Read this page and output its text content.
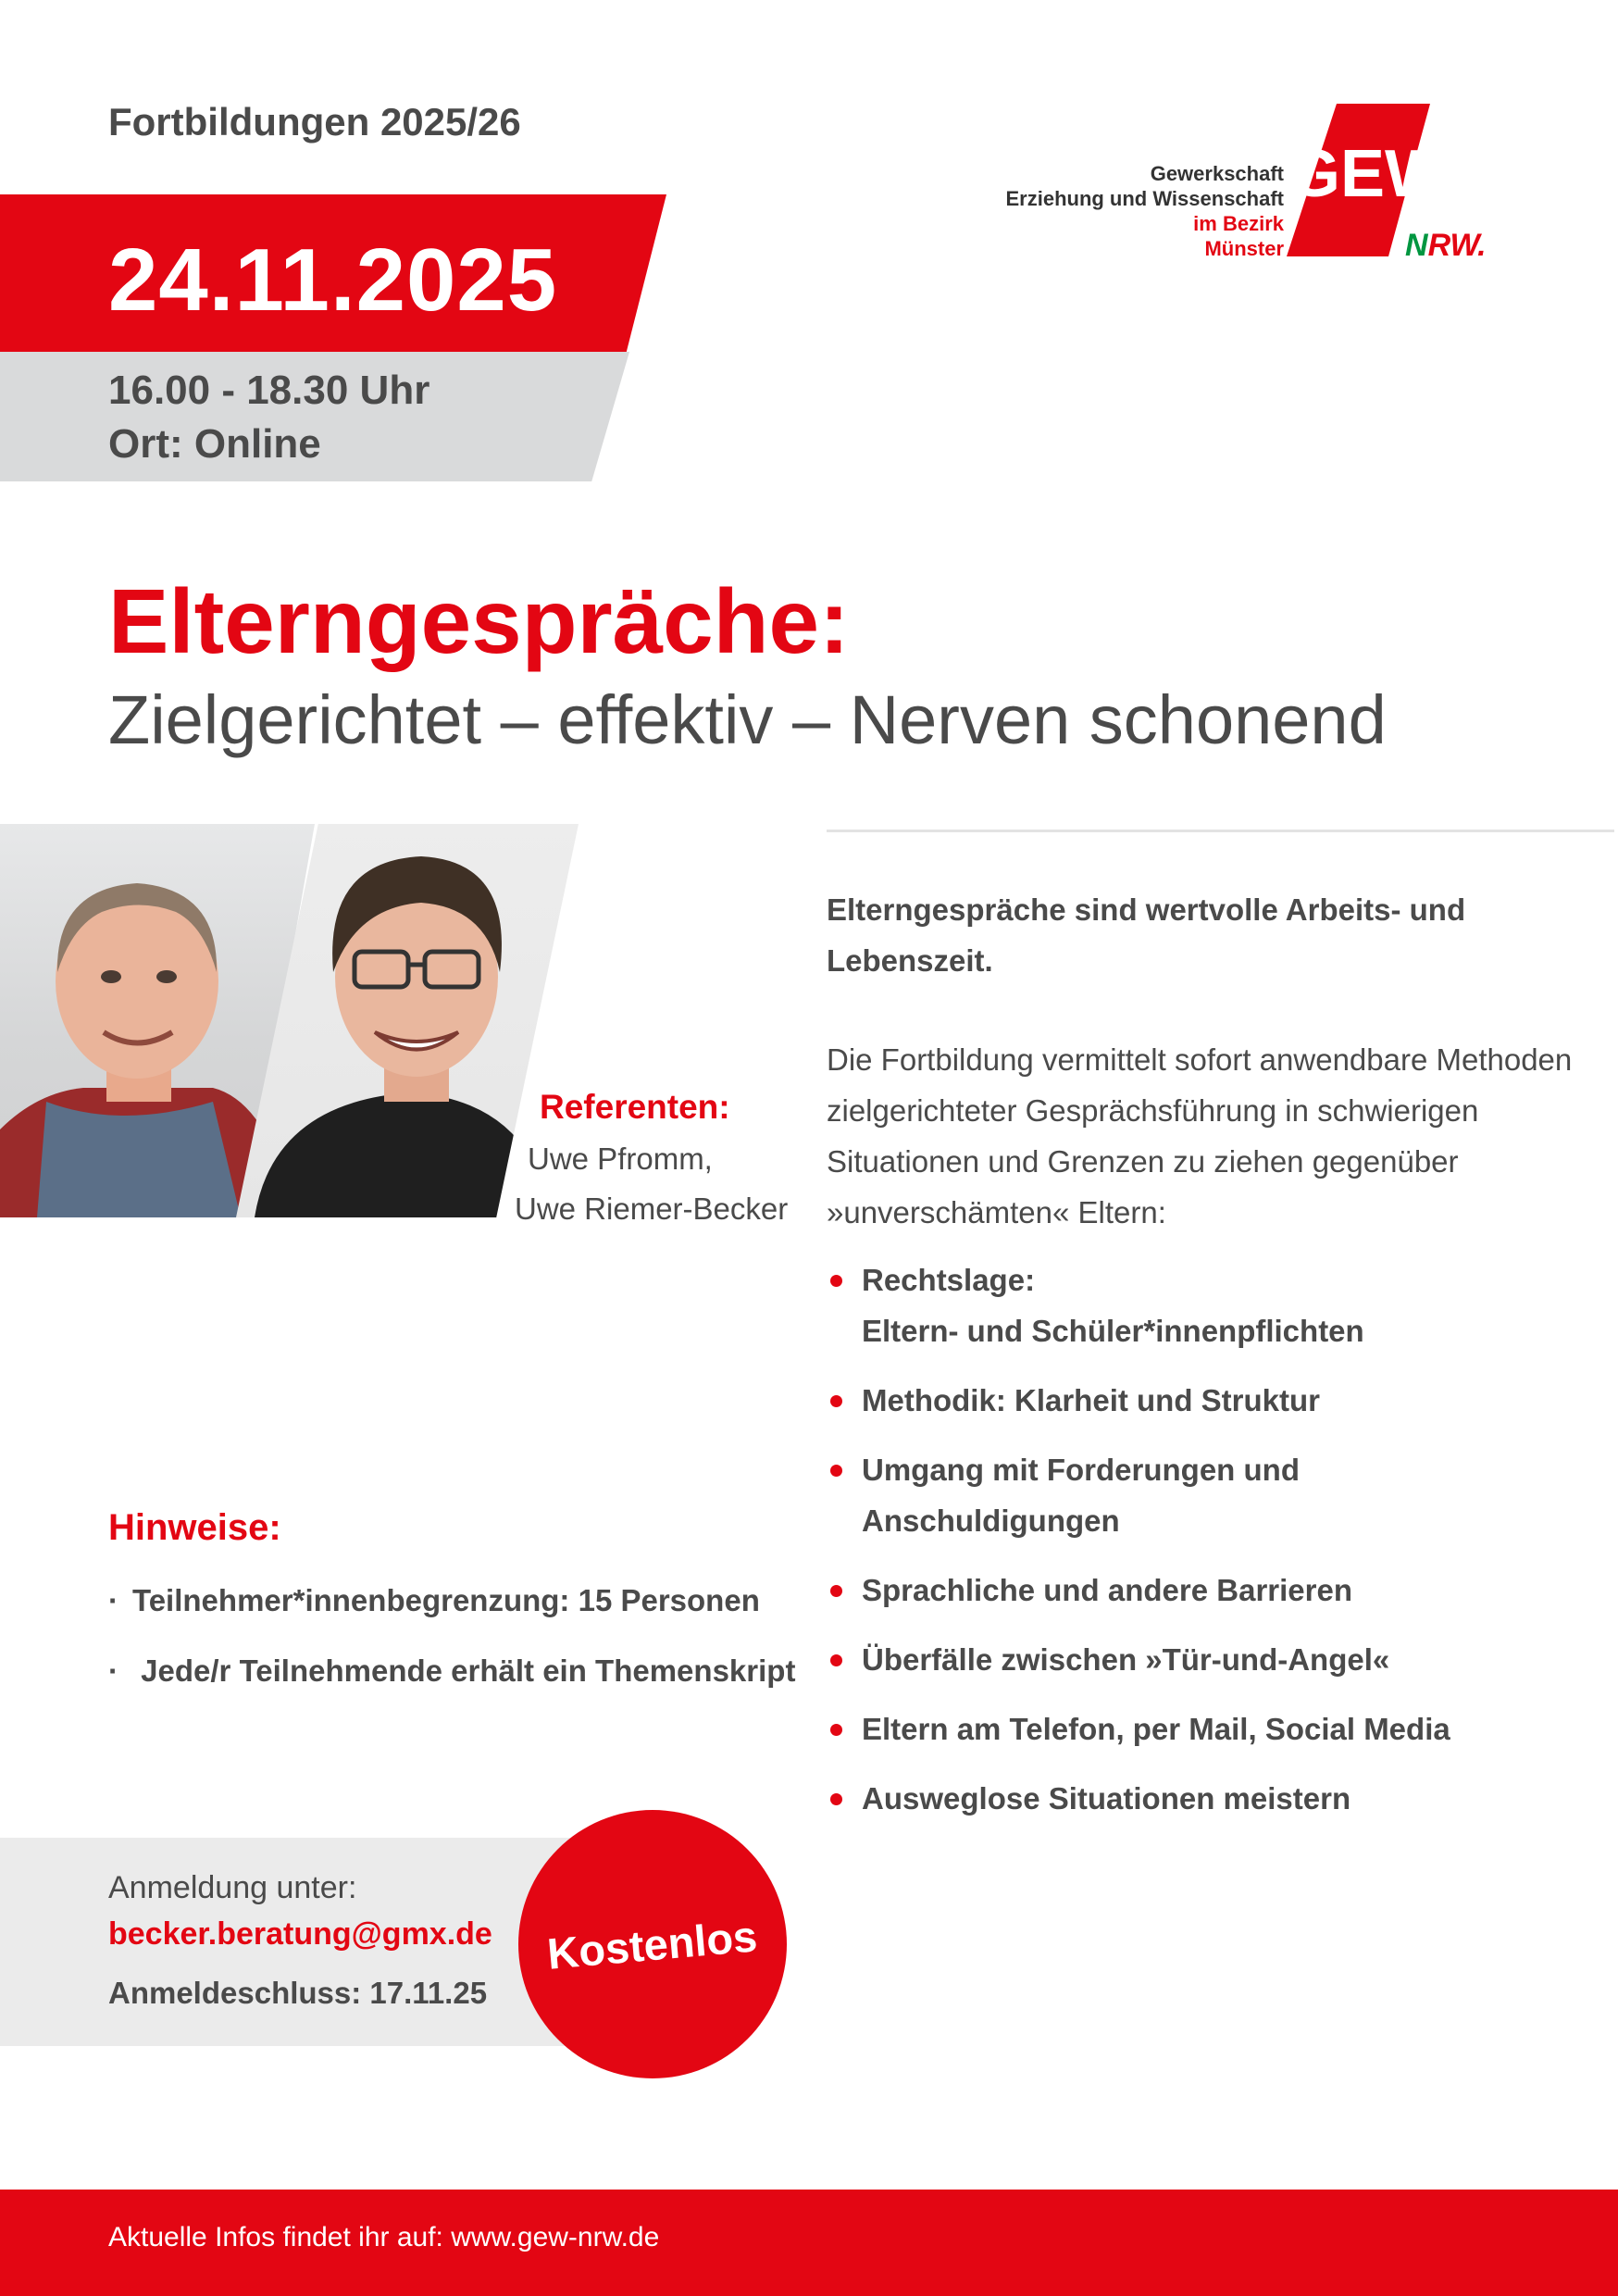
Fortbildungen 2025/26
24.11.2025
16.00 - 18.30 Uhr
Ort: Online
Gewerkschaft
Erziehung und Wissenschaft
im Bezirk
Münster
GEW
NRW.
Elterngespräche:
Zielgerichtet – effektiv – Nerven schonend
Referenten:
Uwe Pfromm,
Uwe Riemer-Becker
Elterngespräche sind wertvolle Arbeits- und Lebenszeit.
Die Fortbildung vermittelt sofort anwendbare Methoden zielgerichteter Gesprächsführung in schwierigen Situationen und Grenzen zu ziehen gegenüber »unverschämten« Eltern:
Rechtslage:
Eltern- und Schüler*innenpflichten
Methodik: Klarheit und Struktur
Umgang mit Forderungen und
Anschuldigungen
Sprachliche und andere Barrieren
Überfälle zwischen »Tür-und-Angel«
Eltern am Telefon, per Mail, Social Media
Ausweglose Situationen meistern
Hinweise:
· Teilnehmer*innenbegrenzung: 15 Personen
· Jede/r Teilnehmende erhält ein Themenskript
Anmeldung unter:
becker.beratung@gmx.de
Anmeldeschluss: 17.11.25
Kostenlos
Aktuelle Infos findet ihr auf: www.gew-nrw.de
